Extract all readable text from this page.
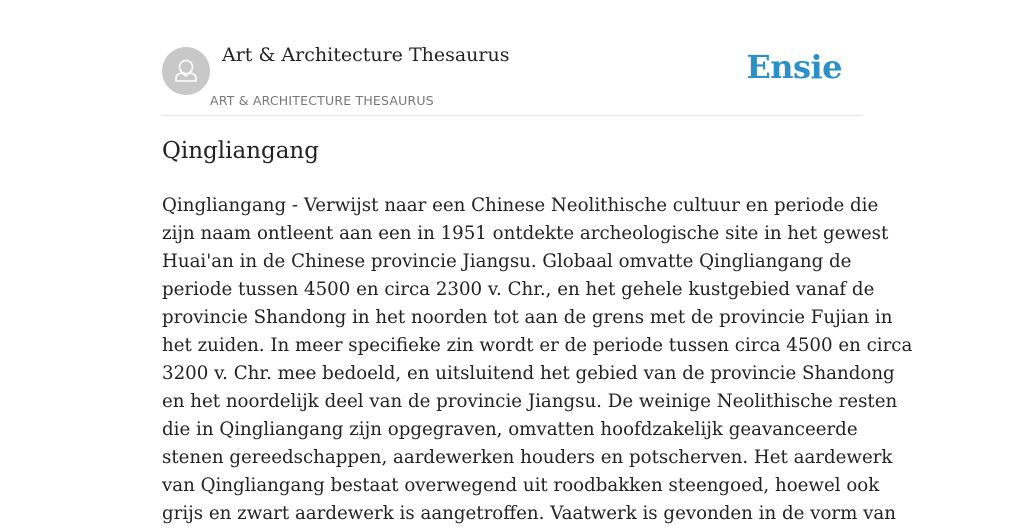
Art & Architecture Thesaurus
ART & ARCHITECTURE THESAURUS
Ensie
Qingliangang

Qingliangang - Verwijst naar een Chinese Neolithische cultuur en periode die
zijn naam ontleent aan een in 1951 ontdekte archeologische site in het gewest
Huai'an in de Chinese provincie Jiangsu. Globaal omvatte Qingliangang de
periode tussen 4500 en circa 2300 v. Chr., en het gehele kustgebied vanaf de
provincie Shandong in het noorden tot aan de grens met de provincie Fujian in
het zuiden. In meer specifieke zin wordt er de periode tussen circa 4500 en circa
3200 v. Chr. mee bedoeld, en uitsluitend het gebied van de provincie Shandong
en het noordelijk deel van de provincie Jiangsu. De weinige Neolithische resten
die in Qingliangang zijn opgegraven, omvatten hoofdzakelijk geavanceerde
stenen gereedschappen, aardewerken houders en potscherven. Het aardewerk
van Qingliangang bestaat overwegend uit roodbakken steengoed, hoewel ook
grijs en zwart aardewerk is aangetroffen. Vaatwerk is gevonden in de vorm van
